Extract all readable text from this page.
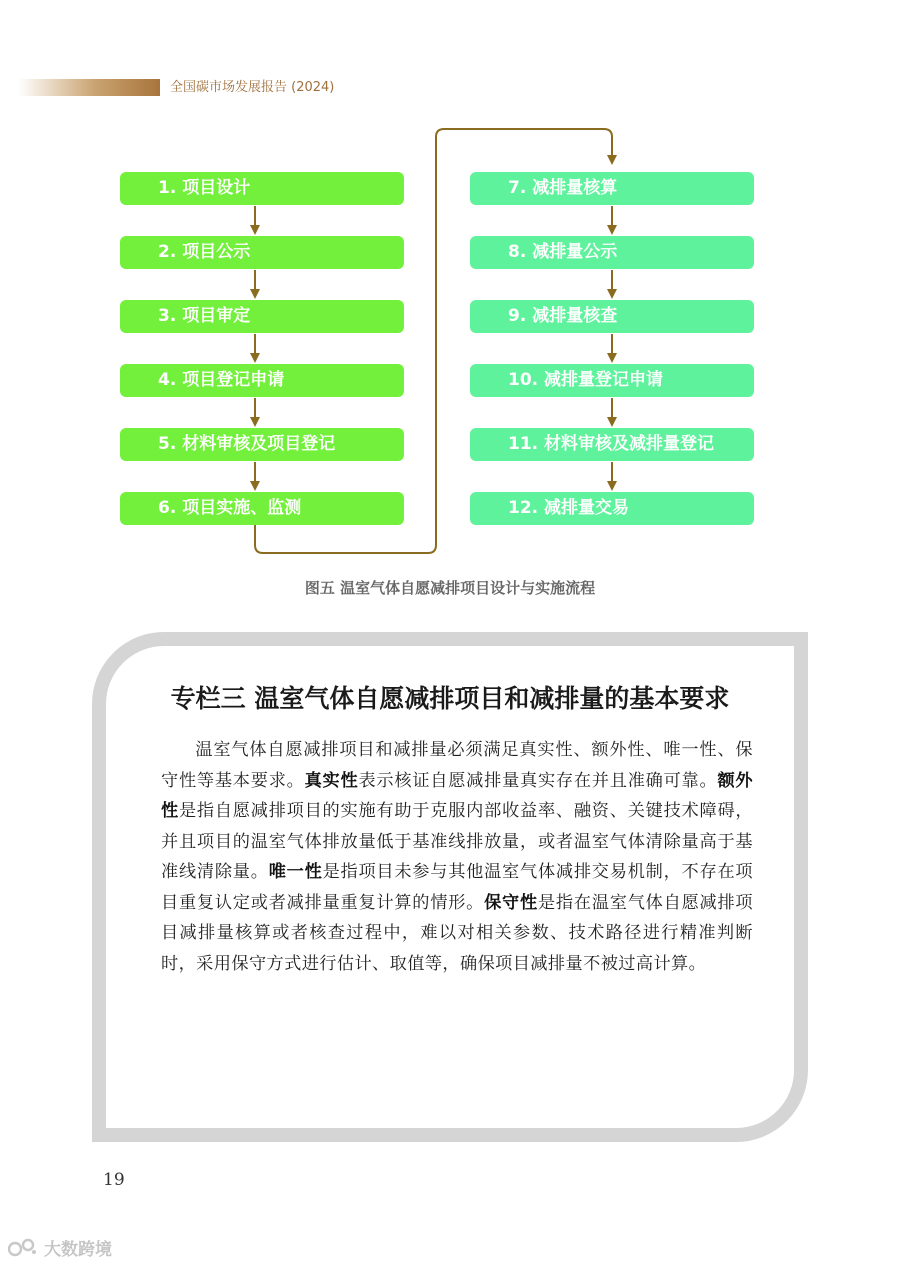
全国碳市场发展报告 (2024)
1. 项目设计
2. 项目公示
3. 项目审定
4. 项目登记申请
5. 材料审核及项目登记
6. 项目实施、监测
7. 减排量核算
8. 减排量公示
9. 减排量核查
10. 减排量登记申请
11. 材料审核及减排量登记
12. 减排量交易
图五 温室气体自愿减排项目设计与实施流程
专栏三 温室气体自愿减排项目和减排量的基本要求

温室气体自愿减排项目和减排量必须满足真实性、额外性、唯一性、保守性等基本要求。真实性表示核证自愿减排量真实存在并且准确可靠。额外性是指自愿减排项目的实施有助于克服内部收益率、融资、关键技术障碍，并且项目的温室气体排放量低于基准线排放量，或者温室气体清除量高于基准线清除量。唯一性是指项目未参与其他温室气体减排交易机制，不存在项目重复认定或者减排量重复计算的情形。保守性是指在温室气体自愿减排项目减排量核算或者核查过程中，难以对相关参数、技术路径进行精准判断时，采用保守方式进行估计、取值等，确保项目减排量不被过高计算。

19
大数跨境
